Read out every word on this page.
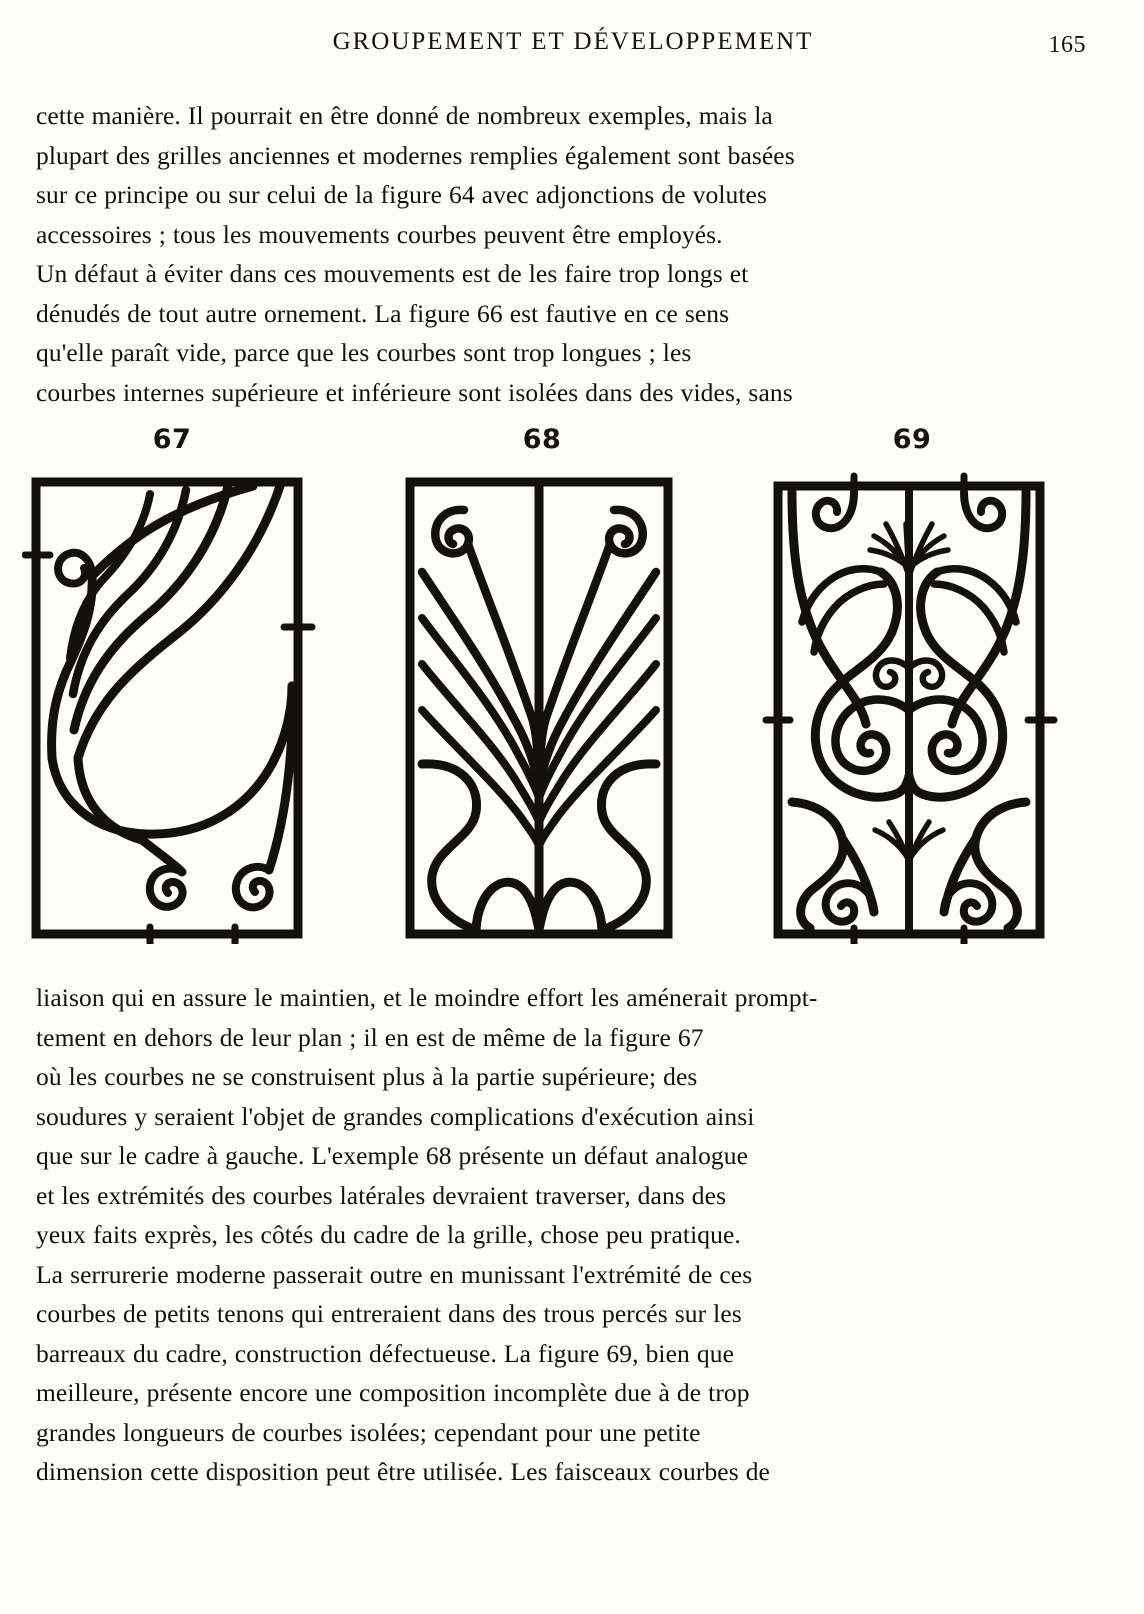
GROUPEMENT ET DÉVELOPPEMENT	165
cette manière. Il pourrait en être donné de nombreux exemples, mais la
plupart des grilles anciennes et modernes remplies également sont basées
sur ce principe ou sur celui de la figure 64 avec adjonctions de volutes
accessoires ; tous les mouvements courbes peuvent être employés.
Un défaut à éviter dans ces mouvements est de les faire trop longs et
dénudés de tout autre ornement. La figure 66 est fautive en ce sens
qu'elle paraît vide, parce que les courbes sont trop longues ; les
courbes internes supérieure et inférieure sont isolées dans des vides, sans
67	68	69
liaison qui en assure le maintien, et le moindre effort les aménerait prompt-
tement en dehors de leur plan ; il en est de même de la figure 67
où les courbes ne se construisent plus à la partie supérieure; des
soudures y seraient l'objet de grandes complications d'exécution ainsi
que sur le cadre à gauche. L'exemple 68 présente un défaut analogue
et les extrémités des courbes latérales devraient traverser, dans des
yeux faits exprès, les côtés du cadre de la grille, chose peu pratique.
La serrurerie moderne passerait outre en munissant l'extrémité de ces
courbes de petits tenons qui entreraient dans des trous percés sur les
barreaux du cadre, construction défectueuse. La figure 69, bien que
meilleure, présente encore une composition incomplète due à de trop
grandes longueurs de courbes isolées; cependant pour une petite
dimension cette disposition peut être utilisée. Les faisceaux courbes de
